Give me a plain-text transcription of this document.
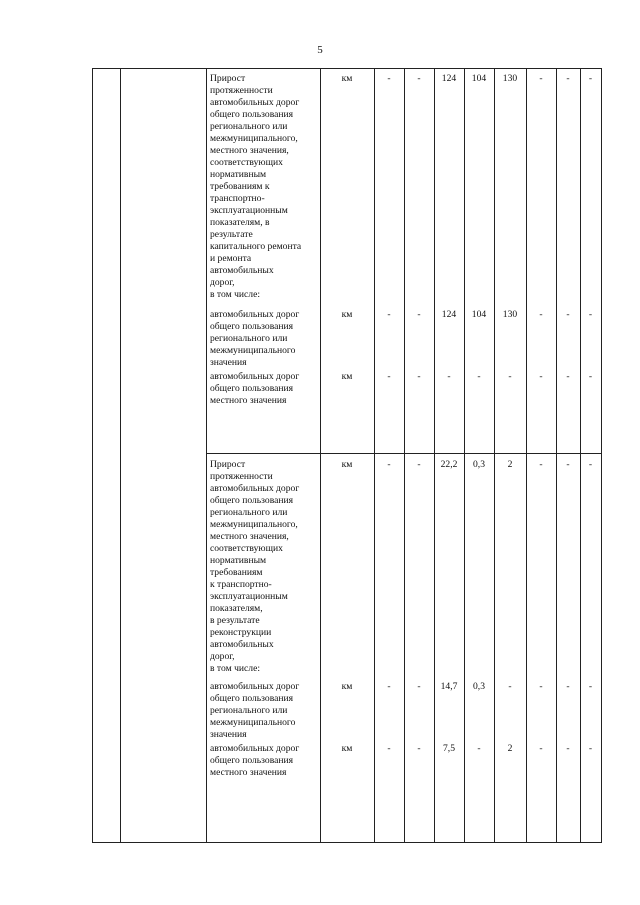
5
Прирост
протяженности
автомобильных дорог
общего пользования
регионального или
межмуниципального,
местного значения,
соответствующих
нормативным
требованиям к
транспортно-
эксплуатационным
показателям, в
результате
капитального ремонта
и ремонта
автомобильных
дорог,
в том числе:
км	-	-	124	104	130	-	-	-
автомобильных дорог
общего пользования
регионального или
межмуниципального
значения
км	-	-	124	104	130	-	-	-
автомобильных дорог
общего пользования
местного значения
км	-	-	-	-	-	-	-	-
Прирост
протяженности
автомобильных дорог
общего пользования
регионального или
межмуниципального,
местного значения,
соответствующих
нормативным
требованиям
к транспортно-
эксплуатационным
показателям,
в результате
реконструкции
автомобильных
дорог,
в том числе:
км	-	-	22,2	0,3	2	-	-	-
автомобильных дорог
общего пользования
регионального или
межмуниципального
значения
км	-	-	14,7	0,3	-	-	-	-
автомобильных дорог
общего пользования
местного значения
км	-	-	7,5	-	2	-	-	-
